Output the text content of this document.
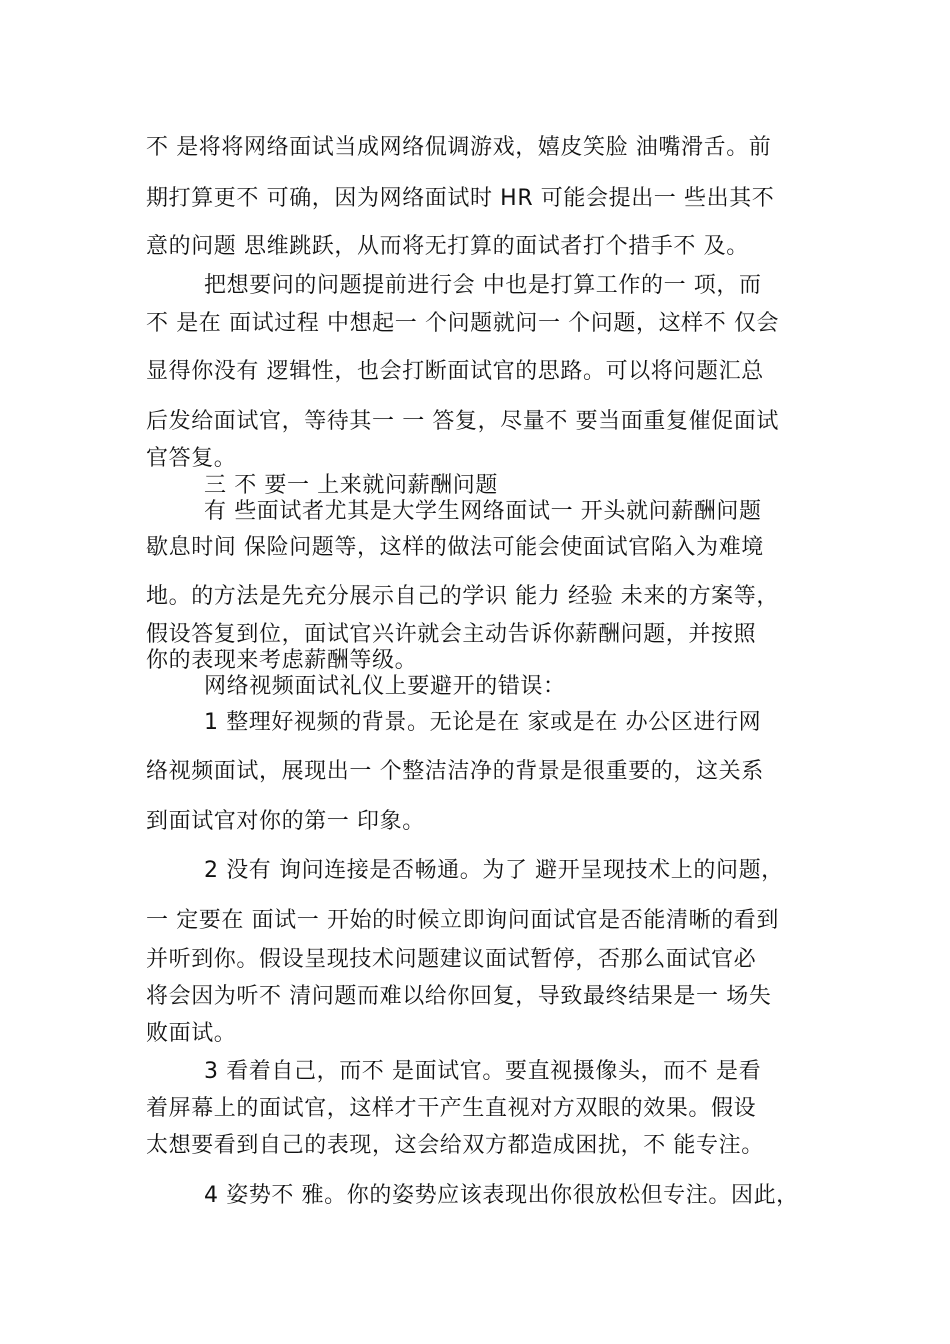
不 是将将网络面试当成网络侃调游戏，嬉皮笑脸 油嘴滑舌。前
期打算更不 可确，因为网络面试时 HR 可能会提出一 些出其不
意的问题 思维跳跃，从而将无打算的面试者打个措手不 及。
把想要问的问题提前进行会 中也是打算工作的一 项，而
不 是在 面试过程 中想起一 个问题就问一 个问题，这样不 仅会
显得你没有 逻辑性，也会打断面试官的思路。可以将问题汇总
后发给面试官，等待其一 一 答复，尽量不 要当面重复催促面试
官答复。
三 不 要一 上来就问薪酬问题
有 些面试者尤其是大学生网络面试一 开头就问薪酬问题
歇息时间 保险问题等，这样的做法可能会使面试官陷入为难境
地。的方法是先充分展示自己的学识 能力 经验 未来的方案等，
假设答复到位，面试官兴许就会主动告诉你薪酬问题，并按照
你的表现来考虑薪酬等级。
网络视频面试礼仪上要避开的错误：
1 整理好视频的背景。无论是在 家或是在 办公区进行网
络视频面试，展现出一 个整洁洁净的背景是很重要的，这关系
到面试官对你的第一 印象。
2 没有 询问连接是否畅通。为了 避开呈现技术上的问题，
一 定要在 面试一 开始的时候立即询问面试官是否能清晰的看到
并听到你。假设呈现技术问题建议面试暂停，否那么面试官必
将会因为听不 清问题而难以给你回复，导致最终结果是一 场失
败面试。
3 看着自己，而不 是面试官。要直视摄像头，而不 是看
着屏幕上的面试官，这样才干产生直视对方双眼的效果。假设
太想要看到自己的表现，这会给双方都造成困扰，不 能专注。
4 姿势不 雅。你的姿势应该表现出你很放松但专注。因此，
